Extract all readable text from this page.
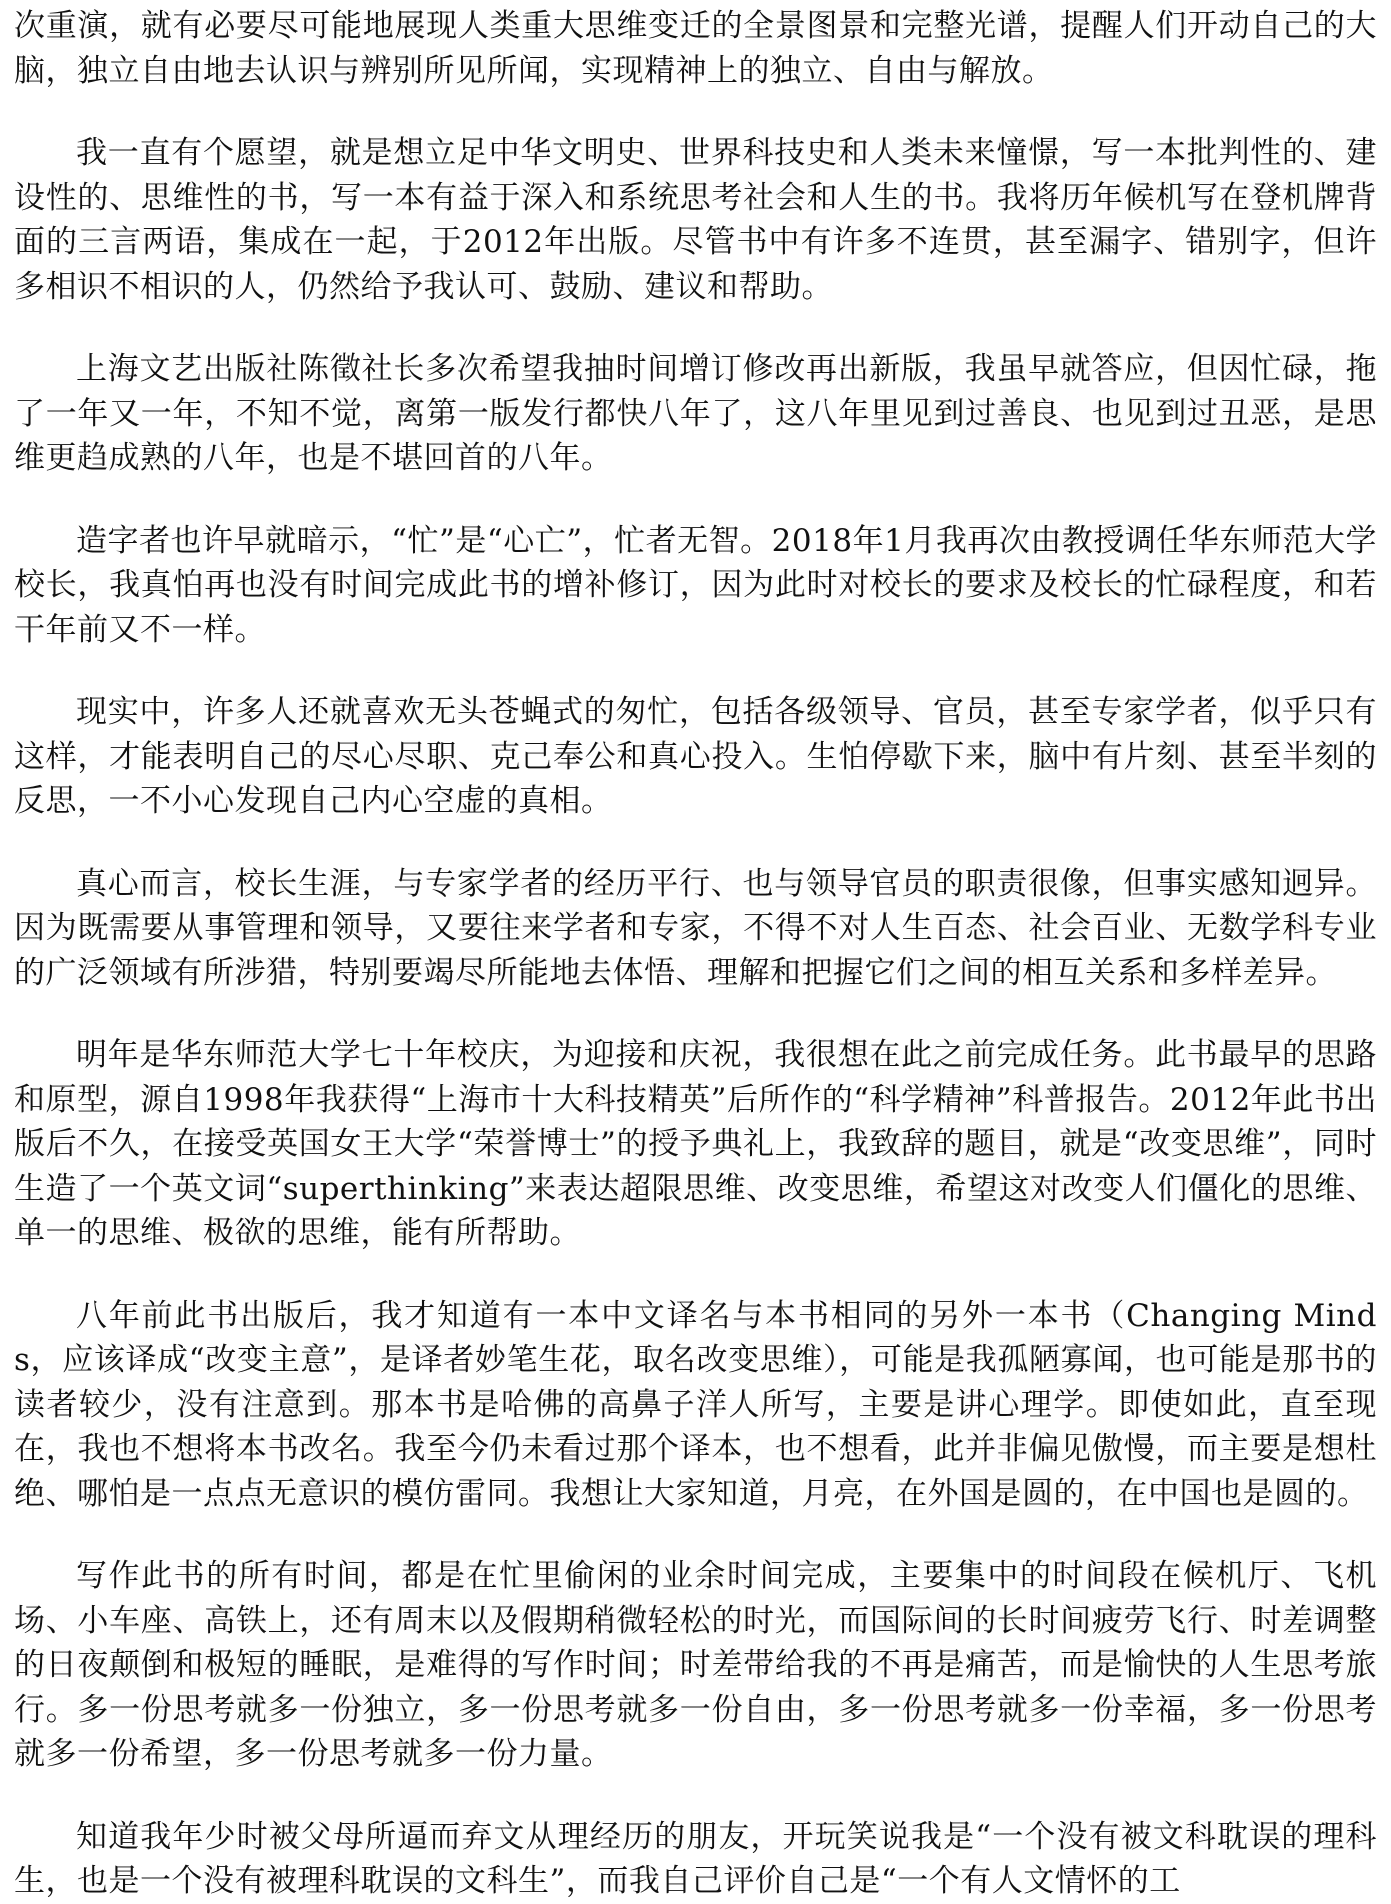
次重演，就有必要尽可能地展现人类重大思维变迁的全景图景和完整光谱，提醒人们开动自己的大脑，独立自由地去认识与辨别所见所闻，实现精神上的独立、自由与解放。

我一直有个愿望，就是想立足中华文明史、世界科技史和人类未来憧憬，写一本批判性的、建设性的、思维性的书，写一本有益于深入和系统思考社会和人生的书。我将历年候机写在登机牌背面的三言两语，集成在一起，于2012年出版。尽管书中有许多不连贯，甚至漏字、错别字，但许多相识不相识的人，仍然给予我认可、鼓励、建议和帮助。

上海文艺出版社陈徵社长多次希望我抽时间增订修改再出新版，我虽早就答应，但因忙碌，拖了一年又一年，不知不觉，离第一版发行都快八年了，这八年里见到过善良、也见到过丑恶，是思维更趋成熟的八年，也是不堪回首的八年。

造字者也许早就暗示，“忙”是“心亡”，忙者无智。2018年1月我再次由教授调任华东师范大学校长，我真怕再也没有时间完成此书的增补修订，因为此时对校长的要求及校长的忙碌程度，和若干年前又不一样。

现实中，许多人还就喜欢无头苍蝇式的匆忙，包括各级领导、官员，甚至专家学者，似乎只有这样，才能表明自己的尽心尽职、克己奉公和真心投入。生怕停歇下来，脑中有片刻、甚至半刻的反思，一不小心发现自己内心空虚的真相。

真心而言，校长生涯，与专家学者的经历平行、也与领导官员的职责很像，但事实感知迥异。因为既需要从事管理和领导，又要往来学者和专家，不得不对人生百态、社会百业、无数学科专业的广泛领域有所涉猎，特别要竭尽所能地去体悟、理解和把握它们之间的相互关系和多样差异。

明年是华东师范大学七十年校庆，为迎接和庆祝，我很想在此之前完成任务。此书最早的思路和原型，源自1998年我获得“上海市十大科技精英”后所作的“科学精神”科普报告。2012年此书出版后不久，在接受英国女王大学“荣誉博士”的授予典礼上，我致辞的题目，就是“改变思维”，同时生造了一个英文词“superthinking”来表达超限思维、改变思维，希望这对改变人们僵化的思维、单一的思维、极欲的思维，能有所帮助。

八年前此书出版后，我才知道有一本中文译名与本书相同的另外一本书（Changing Minds，应该译成“改变主意”，是译者妙笔生花，取名改变思维），可能是我孤陋寡闻，也可能是那书的读者较少，没有注意到。那本书是哈佛的高鼻子洋人所写，主要是讲心理学。即使如此，直至现在，我也不想将本书改名。我至今仍未看过那个译本，也不想看，此并非偏见傲慢，而主要是想杜绝、哪怕是一点点无意识的模仿雷同。我想让大家知道，月亮，在外国是圆的，在中国也是圆的。

写作此书的所有时间，都是在忙里偷闲的业余时间完成，主要集中的时间段在候机厅、飞机场、小车座、高铁上，还有周末以及假期稍微轻松的时光，而国际间的长时间疲劳飞行、时差调整的日夜颠倒和极短的睡眠，是难得的写作时间；时差带给我的不再是痛苦，而是愉快的人生思考旅行。多一份思考就多一份独立，多一份思考就多一份自由，多一份思考就多一份幸福，多一份思考就多一份希望，多一份思考就多一份力量。

知道我年少时被父母所逼而弃文从理经历的朋友，开玩笑说我是“一个没有被文科耽误的理科生，也是一个没有被理科耽误的文科生”，而我自己评价自己是“一个有人文情怀的工
